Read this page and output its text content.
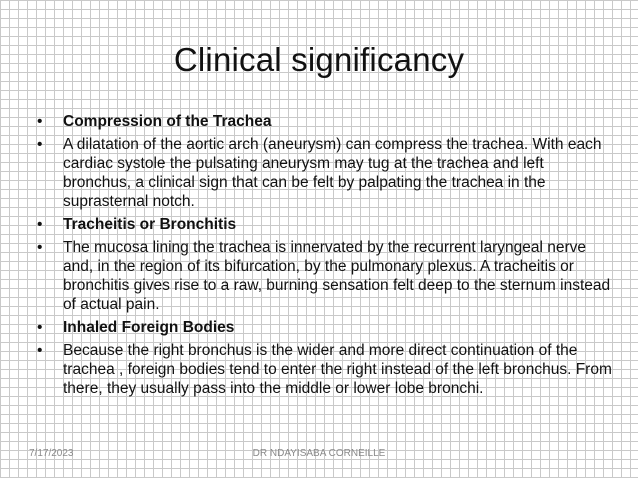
Clinical significancy
• Compression of the Trachea
• A dilatation of the aortic arch (aneurysm) can compress the trachea. With each cardiac systole the pulsating aneurysm may tug at the trachea and left bronchus, a clinical sign that can be felt by palpating the trachea in the suprasternal notch.
• Tracheitis or Bronchitis
• The mucosa lining the trachea is innervated by the recurrent laryngeal nerve and, in the region of its bifurcation, by the pulmonary plexus. A tracheitis or bronchitis gives rise to a raw, burning sensation felt deep to the sternum instead of actual pain.
• Inhaled Foreign Bodies
• Because the right bronchus is the wider and more direct continuation of the trachea , foreign bodies tend to enter the right instead of the left bronchus. From there, they usually pass into the middle or lower lobe bronchi.
DR NDAYISABA CORNEILLE
7/17/2023
